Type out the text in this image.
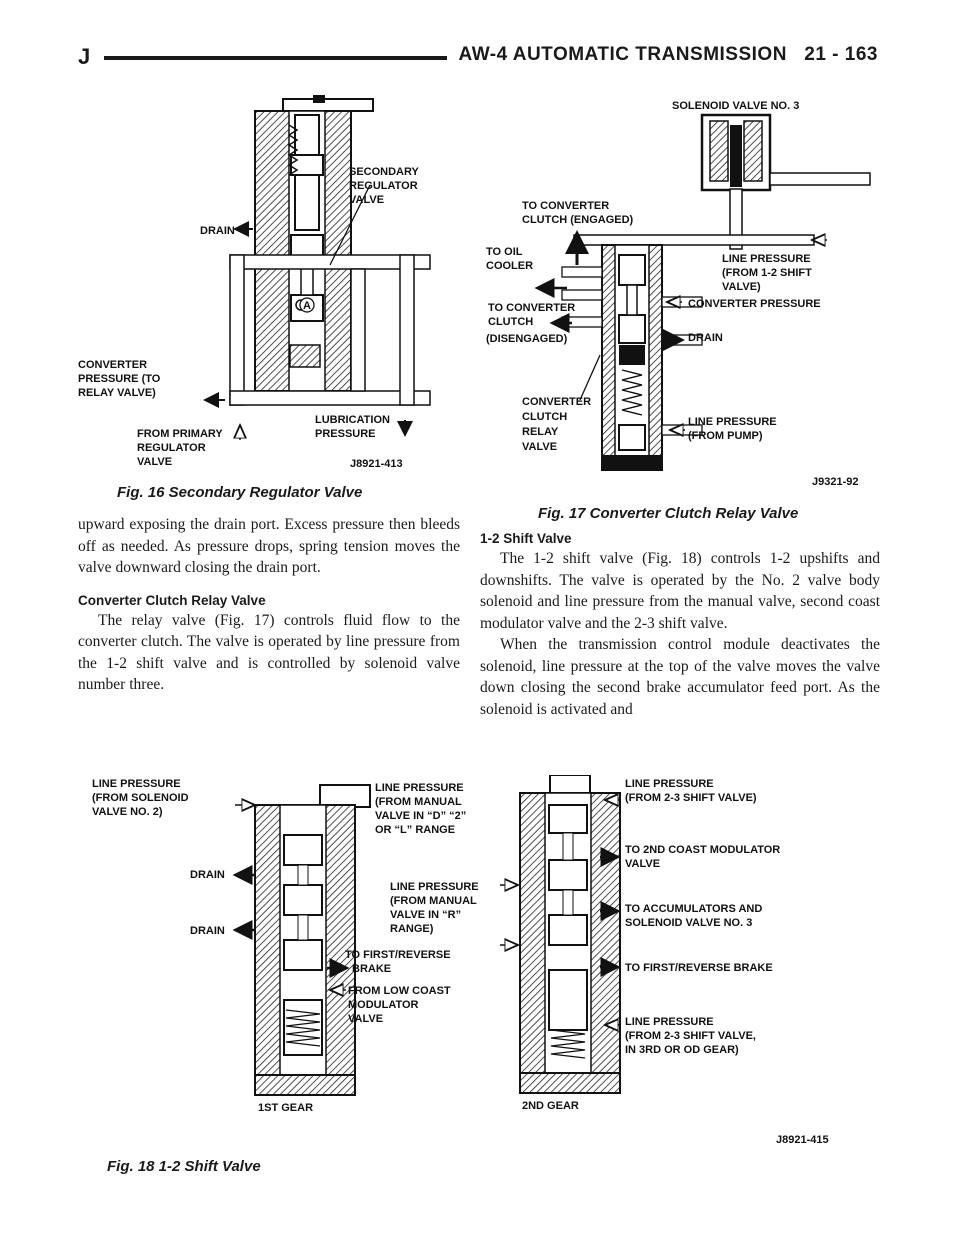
J	AW-4 AUTOMATIC TRANSMISSION 21 - 163
A
SECONDARY
REGULATOR
VALVE
DRAIN
CONVERTER
PRESSURE (TO
RELAY VALVE)
FROM PRIMARY
REGULATOR
VALVE
LUBRICATION
PRESSURE
J8921-413
Fig. 16 Secondary Regulator Valve
SOLENOID VALVE NO. 3
TO CONVERTER
CLUTCH (ENGAGED)
TO OIL
COOLER
TO CONVERTER
CLUTCH
(DISENGAGED)
LINE PRESSURE
(FROM 1-2 SHIFT
VALVE)
CONVERTER PRESSURE
DRAIN
CONVERTER
CLUTCH
RELAY
VALVE
LINE PRESSURE
(FROM PUMP)
J9321-92
Fig. 17 Converter Clutch Relay Valve

upward exposing the drain port. Excess pressure then bleeds off as needed. As pressure drops, spring tension moves the valve downward closing the drain port.

Converter Clutch Relay Valve

The relay valve (Fig. 17) controls fluid flow to the converter clutch. The valve is operated by line pressure from the 1-2 shift valve and is controlled by solenoid valve number three.

1-2 Shift Valve

The 1-2 shift valve (Fig. 18) controls 1-2 upshifts and downshifts. The valve is operated by the No. 2 valve body solenoid and line pressure from the manual valve, second coast modulator valve and the 2-3 shift valve.

When the transmission control module deactivates the solenoid, line pressure at the top of the valve moves the valve down closing the second brake accumulator feed port. As the solenoid is activated and

LINE PRESSURE
(FROM SOLENOID
VALVE NO. 2)
DRAIN
DRAIN
LINE PRESSURE
(FROM MANUAL
VALVE IN “D” “2”
OR “L” RANGE
LINE PRESSURE
(FROM MANUAL
VALVE IN “R”
RANGE)
TO FIRST/REVERSE
BRAKE
FROM LOW COAST
MODULATOR
VALVE
1ST GEAR
LINE PRESSURE
(FROM 2-3 SHIFT VALVE)
TO 2ND COAST MODULATOR
VALVE
TO ACCUMULATORS AND
SOLENOID VALVE NO. 3
TO FIRST/REVERSE BRAKE
LINE PRESSURE
(FROM 2-3 SHIFT VALVE,
IN 3RD OR OD GEAR)
2ND GEAR
J8921-415
Fig. 18 1-2 Shift Valve
